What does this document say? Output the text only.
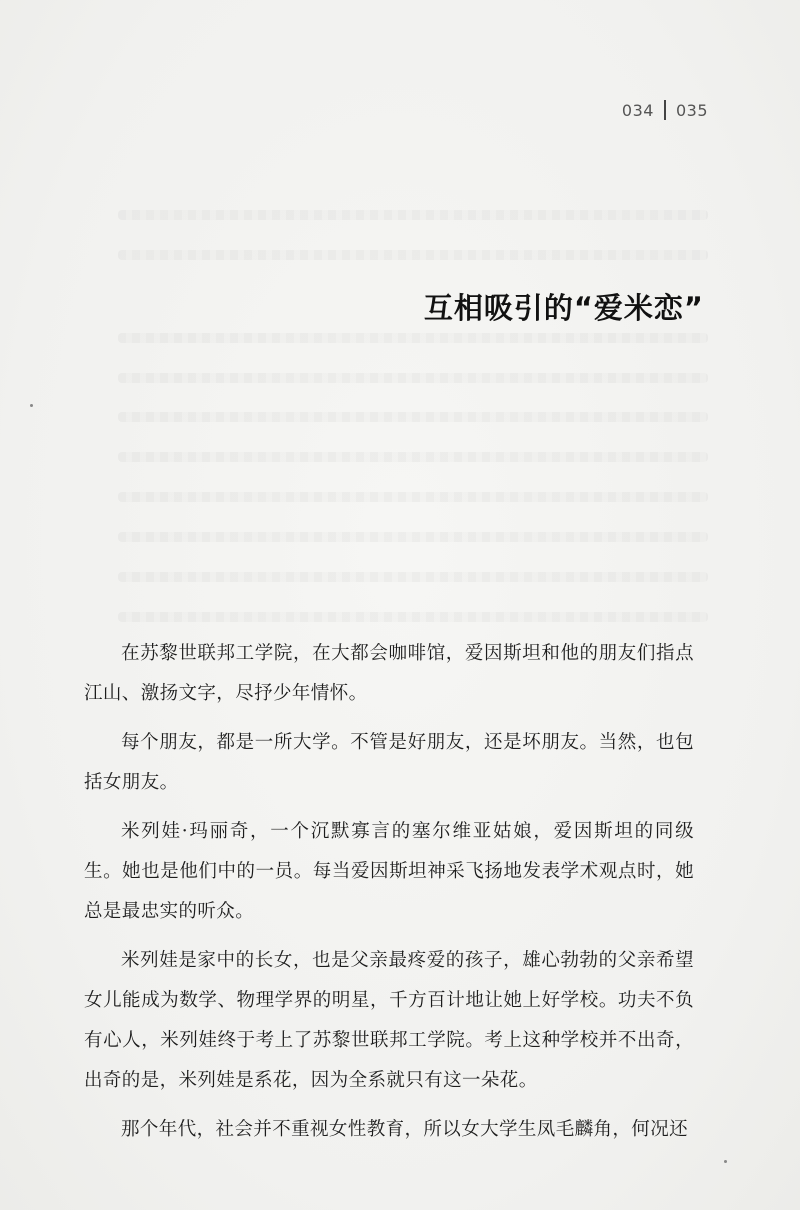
034 035
互相吸引的“爱米恋”

在苏黎世联邦工学院，在大都会咖啡馆，爱因斯坦和他的朋友们指点江山、激扬文字，尽抒少年情怀。

每个朋友，都是一所大学。不管是好朋友，还是坏朋友。当然，也包括女朋友。

米列娃·玛丽奇，一个沉默寡言的塞尔维亚姑娘，爱因斯坦的同级生。她也是他们中的一员。每当爱因斯坦神采飞扬地发表学术观点时，她总是最忠实的听众。

米列娃是家中的长女，也是父亲最疼爱的孩子，雄心勃勃的父亲希望女儿能成为数学、物理学界的明星，千方百计地让她上好学校。功夫不负有心人，米列娃终于考上了苏黎世联邦工学院。考上这种学校并不出奇，出奇的是，米列娃是系花，因为全系就只有这一朵花。

那个年代，社会并不重视女性教育，所以女大学生凤毛麟角，何况还
